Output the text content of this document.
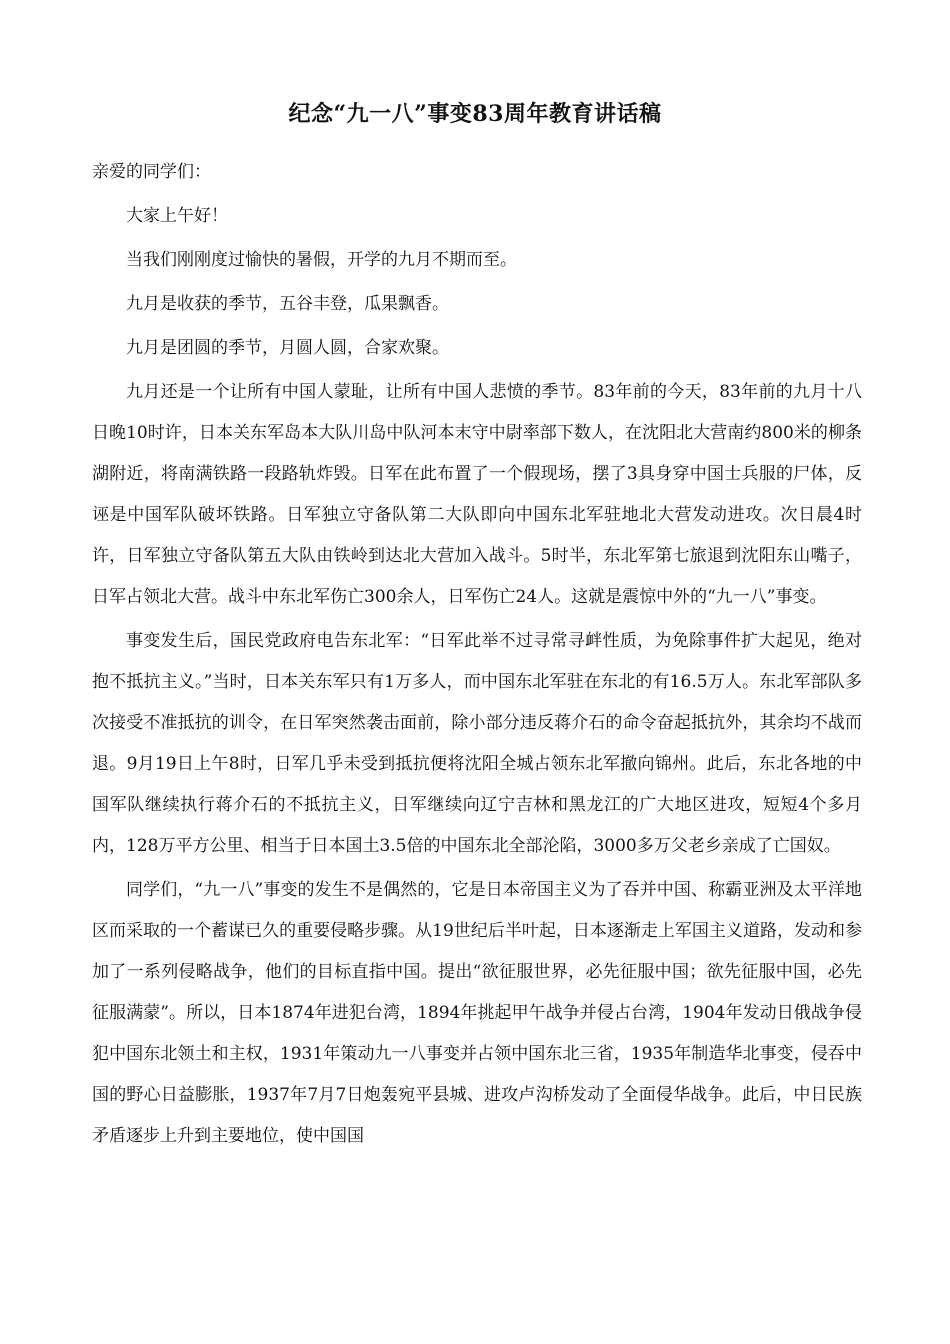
纪念“九一八”事变83周年教育讲话稿

亲爱的同学们：

大家上午好！

当我们刚刚度过愉快的暑假，开学的九月不期而至。

九月是收获的季节，五谷丰登，瓜果飘香。

九月是团圆的季节，月圆人圆，合家欢聚。

九月还是一个让所有中国人蒙耻，让所有中国人悲愤的季节。83年前的今天，83年前的九月十八日晚10时许，日本关东军岛本大队川岛中队河本末守中尉率部下数人，在沈阳北大营南约800米的柳条湖附近，将南满铁路一段路轨炸毁。日军在此布置了一个假现场，摆了3具身穿中国士兵服的尸体，反诬是中国军队破坏铁路。日军独立守备队第二大队即向中国东北军驻地北大营发动进攻。次日晨4时许，日军独立守备队第五大队由铁岭到达北大营加入战斗。5时半，东北军第七旅退到沈阳东山嘴子，日军占领北大营。战斗中东北军伤亡300余人，日军伤亡24人。这就是震惊中外的“九一八”事变。

事变发生后，国民党政府电告东北军：“日军此举不过寻常寻衅性质，为免除事件扩大起见，绝对抱不抵抗主义。”当时，日本关东军只有1万多人，而中国东北军驻在东北的有16.5万人。东北军部队多次接受不准抵抗的训令，在日军突然袭击面前，除小部分违反蒋介石的命令奋起抵抗外，其余均不战而退。9月19日上午8时，日军几乎未受到抵抗便将沈阳全城占领东北军撤向锦州。此后，东北各地的中国军队继续执行蒋介石的不抵抗主义，日军继续向辽宁吉林和黑龙江的广大地区进攻，短短4个多月内，128万平方公里、相当于日本国土3.5倍的中国东北全部沦陷，3000多万父老乡亲成了亡国奴。

同学们，“九一八”事变的发生不是偶然的，它是日本帝国主义为了吞并中国、称霸亚洲及太平洋地区而采取的一个蓄谋已久的重要侵略步骤。从19世纪后半叶起，日本逐渐走上军国主义道路，发动和参加了一系列侵略战争，他们的目标直指中国。提出“欲征服世界，必先征服中国；欲先征服中国，必先征服满蒙”。所以，日本1874年进犯台湾，1894年挑起甲午战争并侵占台湾，1904年发动日俄战争侵犯中国东北领土和主权，1931年策动九一八事变并占领中国东北三省，1935年制造华北事变，侵吞中国的野心日益膨胀，1937年7月7日炮轰宛平县城、进攻卢沟桥发动了全面侵华战争。此后，中日民族矛盾逐步上升到主要地位，使中国国
